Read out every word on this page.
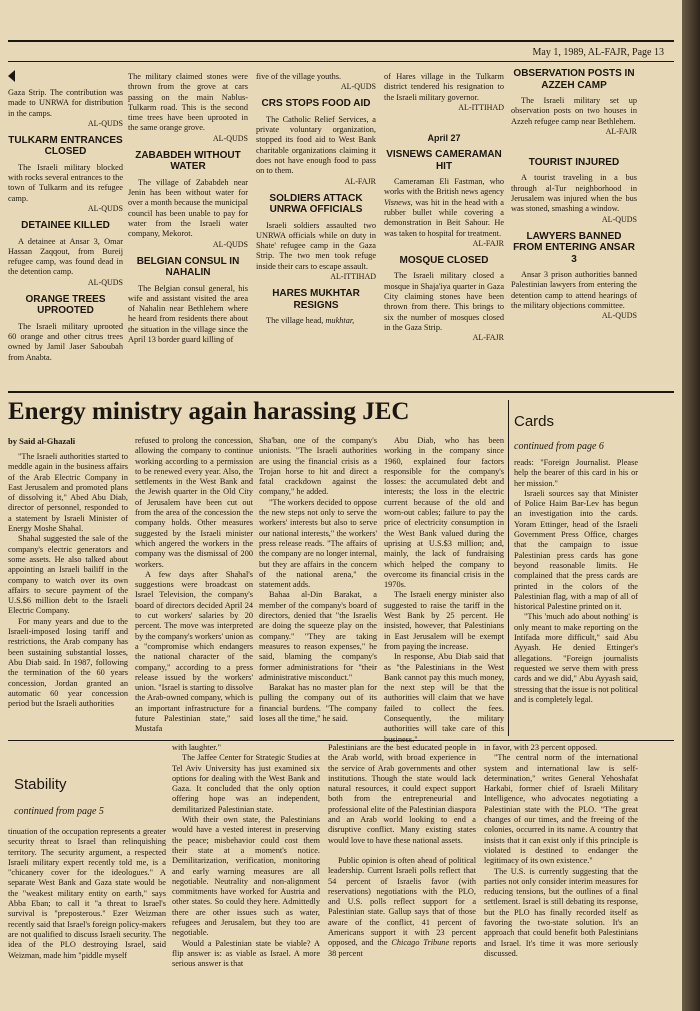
May 1, 1989, AL-FAJR, Page 13

Gaza Strip. The contribution was made to UNRWA for distribution in the camps.

AL-QUDS
TULKARM ENTRANCES CLOSED

The Israeli military blocked with rocks several entrances to the town of Tulkarm and its refugee camp.

AL-QUDS
DETAINEE KILLED

A detainee at Ansar 3, Omar Hassan Zaqqout, from Bureij refugee camp, was found dead in the detention camp.

AL-QUDS
ORANGE TREES UPROOTED

The Israeli military uprooted 60 orange and other citrus trees owned by Jamil Jaser Saboubah from Anabta.

The military claimed stones were thrown from the grove at cars passing on the main Nablus-Tulkarm road. This is the second time trees have been uprooted in the same orange grove.

AL-QUDS
ZABABDEH WITHOUT WATER

The village of Zababdeh near Jenin has been without water for over a month because the municipal council has been unable to pay for water from the Israeli water company, Mekorot.

AL-QUDS
BELGIAN CONSUL IN NAHALIN

The Belgian consul general, his wife and assistant visited the area of Nahalin near Bethlehem where he heard from residents there about the situation in the village since the April 13 border guard killing of

five of the village youths.

AL-QUDS
CRS STOPS FOOD AID

The Catholic Relief Services, a private voluntary organization, stopped its food aid to West Bank charitable organizations claiming it does not have enough food to pass on to them.

AL-FAJR
SOLDIERS ATTACK UNRWA OFFICIALS

Israeli soldiers assaulted two UNRWA officials while on duty in Shate' refugee camp in the Gaza Strip. The two men took refuge inside their cars to escape assault.

AL-ITTIHAD
HARES MUKHTAR RESIGNS

The village head, mukhtar,

of Hares village in the Tulkarm district tendered his resignation to the Israeli military governor.

AL-ITTIHAD
April 27
VISNEWS CAMERAMAN HIT

Cameraman Eli Fastman, who works with the British news agency Visnews, was hit in the head with a rubber bullet while covering a demonstration in Beit Sahour. He was taken to hospital for treatment.

AL-FAJR
MOSQUE CLOSED

The Israeli military closed a mosque in Shaja'iya quarter in Gaza City claiming stones have been thrown from there. This brings to six the number of mosques closed in the Gaza Strip.

AL-FAJR
OBSERVATION POSTS IN AZZEH CAMP

The Israeli military set up observation posts on two houses in Azzeh refugee camp near Bethlehem.

AL-FAJR
TOURIST INJURED

A tourist traveling in a bus through al-Tur neighborhood in Jerusalem was injured when the bus was stoned, smashing a window.

AL-QUDS
LAWYERS BANNED FROM ENTERING ANSAR 3

Ansar 3 prison authorities banned Palestinian lawyers from entering the detention camp to attend hearings of the military objections committee.

AL-QUDS
Energy ministry again harassing JEC
by Said al-Ghazali

"The Israeli authorities started to meddle again in the business affairs of the Arab Electric Company in East Jerusalem and promoted plans of dissolving it," Abed Abu Diab, director of personnel, responded to a statement by Israeli Minister of Energy Moshe Shahal.

Shahal suggested the sale of the company's electric generators and some assets. He also talked about appointing an Israeli bailiff in the company to watch over its own affairs to secure payment of the U.S.$6 million debt to the Israeli Electric Company.

For many years and due to the Israeli-imposed losing tariff and restrictions, the Arab company has been sustaining substantial losses, Abu Diab said. In 1987, following the termination of the 60 years concession, Jordan granted an automatic 60 year concession period but the Israeli authorities

refused to prolong the concession, allowing the company to continue working according to a permission to be renewed every year. Also, the settlements in the West Bank and the Jewish quarter in the Old City of Jerusalem have been cut out from the area of the concession the company holds. Other measures suggested by the Israeli minister which angered the workers in the company was the dismissal of 200 workers.

A few days after Shahal's suggestions were broadcast on Israel Television, the company's board of directors decided April 24 to cut workers' salaries by 20 percent. The move was interpreted by the company's workers' union as a "compromise which endangers the national character of the company," according to a press release issued by the workers' union. "Israel is starting to dissolve the Arab-owned company, which is an important infrastructure for a future Palestinian state," said Mustafa

Sha'ban, one of the company's unionists. "The Israeli authorities are using the financial crisis as a Trojan horse to hit and direct a fatal crackdown against the company," he added.

"The workers decided to oppose the new steps not only to serve the workers' interests but also to serve our national interests," the workers' press release reads. "The affairs of the company are no longer internal, but they are affairs in the concern of the national arena," the statement adds.

Bahaa al-Din Barakat, a member of the company's board of directors, denied that "the Israelis are doing the squeeze play on the company." "They are taking measures to reason expenses," he said, blaming the company's former administrations for "their administrative misconduct."

Barakat has no master plan for pulling the company out of its financial burdens. "The company loses all the time," he said.

Abu Diab, who has been working in the company since 1960, explained four factors responsible for the company's losses: the accumulated debt and interests; the loss in the electric current because of the old and worn-out cables; failure to pay the price of electricity consumption in the West Bank valued during the uprising at U.S.$3 million; and, mainly, the lack of fundraising which helped the company to overcome its financial crisis in the 1970s.

The Israeli energy minister also suggested to raise the tariff in the West Bank by 25 percent. He insisted, however, that Palestinians in East Jerusalem will be exempt from paying the increase.

In response, Abu Diab said that as "the Palestinians in the West Bank cannot pay this much money, the next step will be that the authorities will claim that we have failed to collect the fees. Consequently, the military authorities will take care of this

Cards
continued from page 6

reads: "Foreign Journalist. Please help the bearer of this card in his or her mission."

Israeli sources say that Minister of Police Haim Bar-Lev has begun an investigation into the cards. Yoram Ettinger, head of the Israeli Government Press Office, charges that the campaign to issue Palestinian press cards has gone beyond reasonable limits. He complained that the press cards are printed in the colors of the Palestinian flag, with a map of all of historical Palestine printed on it.

"This 'much ado about nothing' is only meant to make reporting on the Intifada more difficult," said Abu Ayyash. He denied Ettinger's allegations. "Foreign journalists requested we serve them with press cards and we did," Abu Ayyash said, stressing that the issue is not political and is completely legal.

Stability
continued from page 5

tinuation of the occupation represents a greater security threat to Israel than relinquishing territory. The security argument, a respected Israeli military expert recently told me, is a "chicanery cover for the ideologues." A separate West Bank and Gaza state would be the "weakest military entity on earth," says Abba Eban; to call it "a threat to Israel's survival is "preposterous." Ezer Weizman recently said that Israel's foreign policy-makers are not qualified to discuss Israeli security. The idea of the PLO destroying Israel, said Weizman, made him "piddle myself

with laughter."

The Jaffee Center for Strategic Studies at Tel Aviv University has just examined six options for dealing with the West Bank and Gaza. It concluded that the only option offering hope was an independent, demilitarized Palestinian state.

With their own state, the Palestinians would have a vested interest in preserving the peace; misbehavior could cost them their state at a moment's notice. Demilitarization, verification, monitoring and early warning measures are all negotiable. Neutrality and non-alignment commitments have worked for Austria and other states. So could they here. Admittedly there are other issues such as water, refugees and Jerusalem, but they too are negotiable.

Would a Palestinian state be viable? A flip answer is: as viable as Israel. A more serious answer is that

Palestinians are the best educated people in the Arab world, with broad experience in the service of Arab governments and other institutions. Though the state would lack natural resources, it could expect support both from the entrepreneurial and professional elite of the Palestinian diaspora and an Arab world looking to end a disruptive conflict. Many existing states would love to have these national assets.

Public opinion is often ahead of political leadership. Current Israeli polls reflect that 54 percent of Israelis favor (with reservations) negotiations with the PLO, and U.S. polls reflect support for a Palestinian state. Gallup says that of those aware of the conflict, 41 percent of Americans support it with 23 percent opposed, and the Chicago Tribune reports 38 percent

in favor, with 23 percent opposed.

"The central norm of the international system and international law is self-determination," writes General Yehoshafat Harkabi, former chief of Israeli Military Intelligence, who advocates negotiating a Palestinian state with the PLO. "The great changes of our times, and the freeing of the colonies, occurred in its name. A country that insists that it can exist only if this principle is violated is destined to endanger the legitimacy of its own existence."

The U.S. is currently suggesting that the parties not only consider interim measures for reducing tensions, but the outlines of a final settlement. Israel is still debating its response, but the PLO has finally recorded itself as favoring the two-state solution. It's an approach that could benefit both Palestinians and Israel. It's time it was more seriously discussed.
